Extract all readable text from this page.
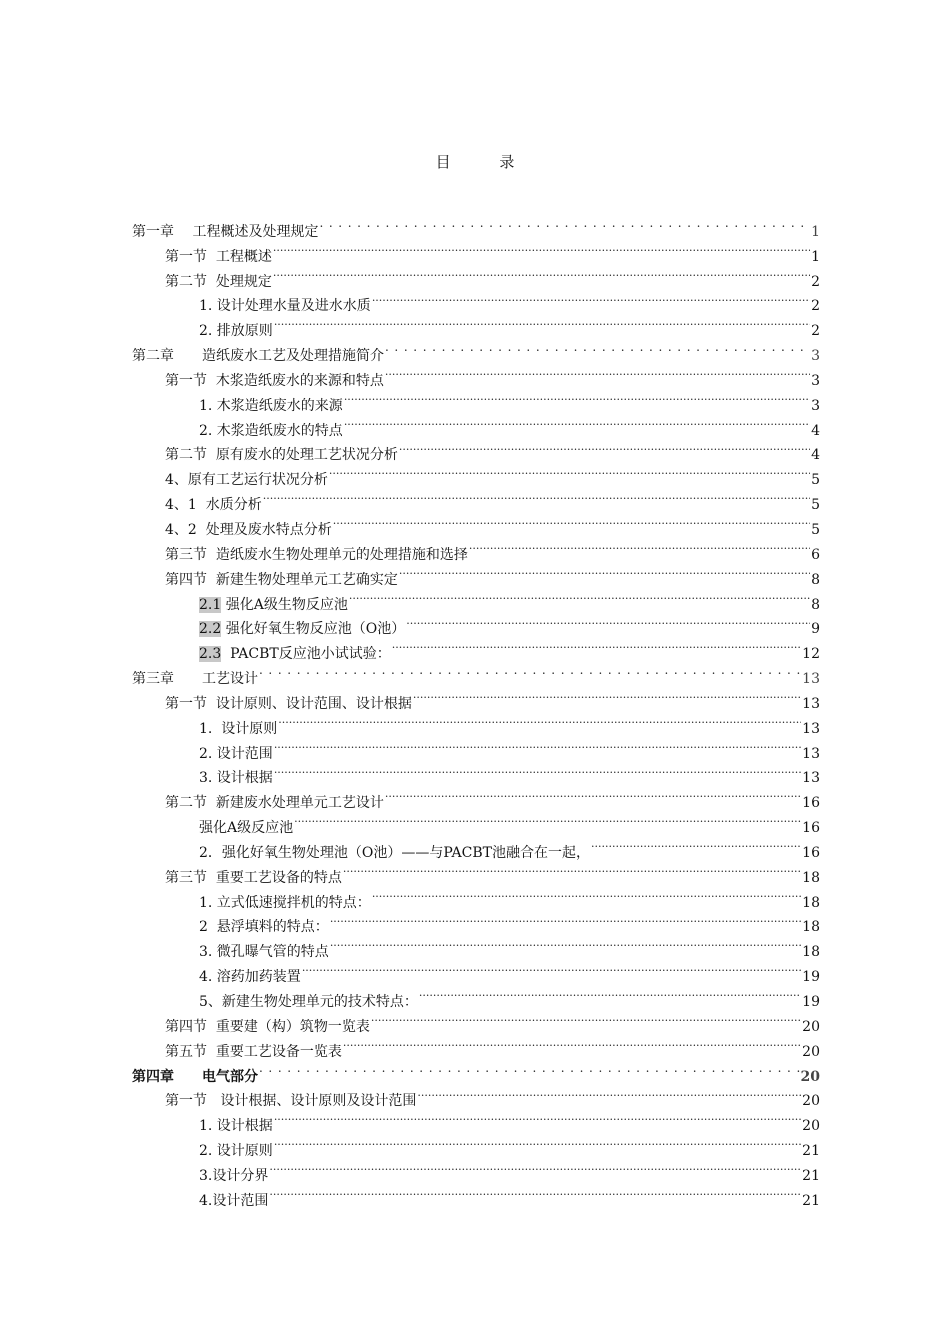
目 录
第一章　 工程概述及处理规定 . . .	1
第一节  工程概述 .....	1
第二节  处理规定 .....	2
1. 设计处理水量及进水水质 .....	2
2. 排放原则 .....	2
第二章　　造纸废水工艺及处理措施简介 . . .	3
第一节  木浆造纸废水的来源和特点 .....	3
1. 木浆造纸废水的来源 .....	3
2. 木浆造纸废水的特点 .....	4
第二节  原有废水的处理工艺状况分析 .....	4
4、原有工艺运行状况分析 .....	5
4、1  水质分析 .....	5
4、2  处理及废水特点分析 .....	5
第三节  造纸废水生物处理单元的处理措施和选择 .....	6
第四节  新建生物处理单元工艺确实定 .....	8
2.1 强化A级生物反应池 .....	8
2.2 强化好氧生物反应池（O池） .....	9
2.3  PACBT反应池小试试验： .....	12
第三章　　工艺设计 . . .	13
第一节  设计原则、设计范围、设计根据 .....	13
1.  设计原则 .....	13
2. 设计范围 .....	13
3. 设计根据 .....	13
第二节  新建废水处理单元工艺设计 .....	16
强化A级反应池 .....	16
2．强化好氧生物处理池（O池）——与PACBT池融合在一起， .....	16
第三节  重要工艺设备的特点 .....	18
1. 立式低速搅拌机的特点： .....	18
2  悬浮填料的特点： .....	18
3. 微孔曝气管的特点 .....	18
4. 溶药加药装置 .....	19
5、新建生物处理单元的技术特点： .....	19
第四节  重要建（构）筑物一览表 .....	20
第五节  重要工艺设备一览表 .....	20
第四章　　电气部分 . . .	20
第一节   设计根据、设计原则及设计范围 .....	20
1. 设计根据 .....	20
2. 设计原则 .....	21
3.设计分界 .....	21
4.设计范围 .....	21
